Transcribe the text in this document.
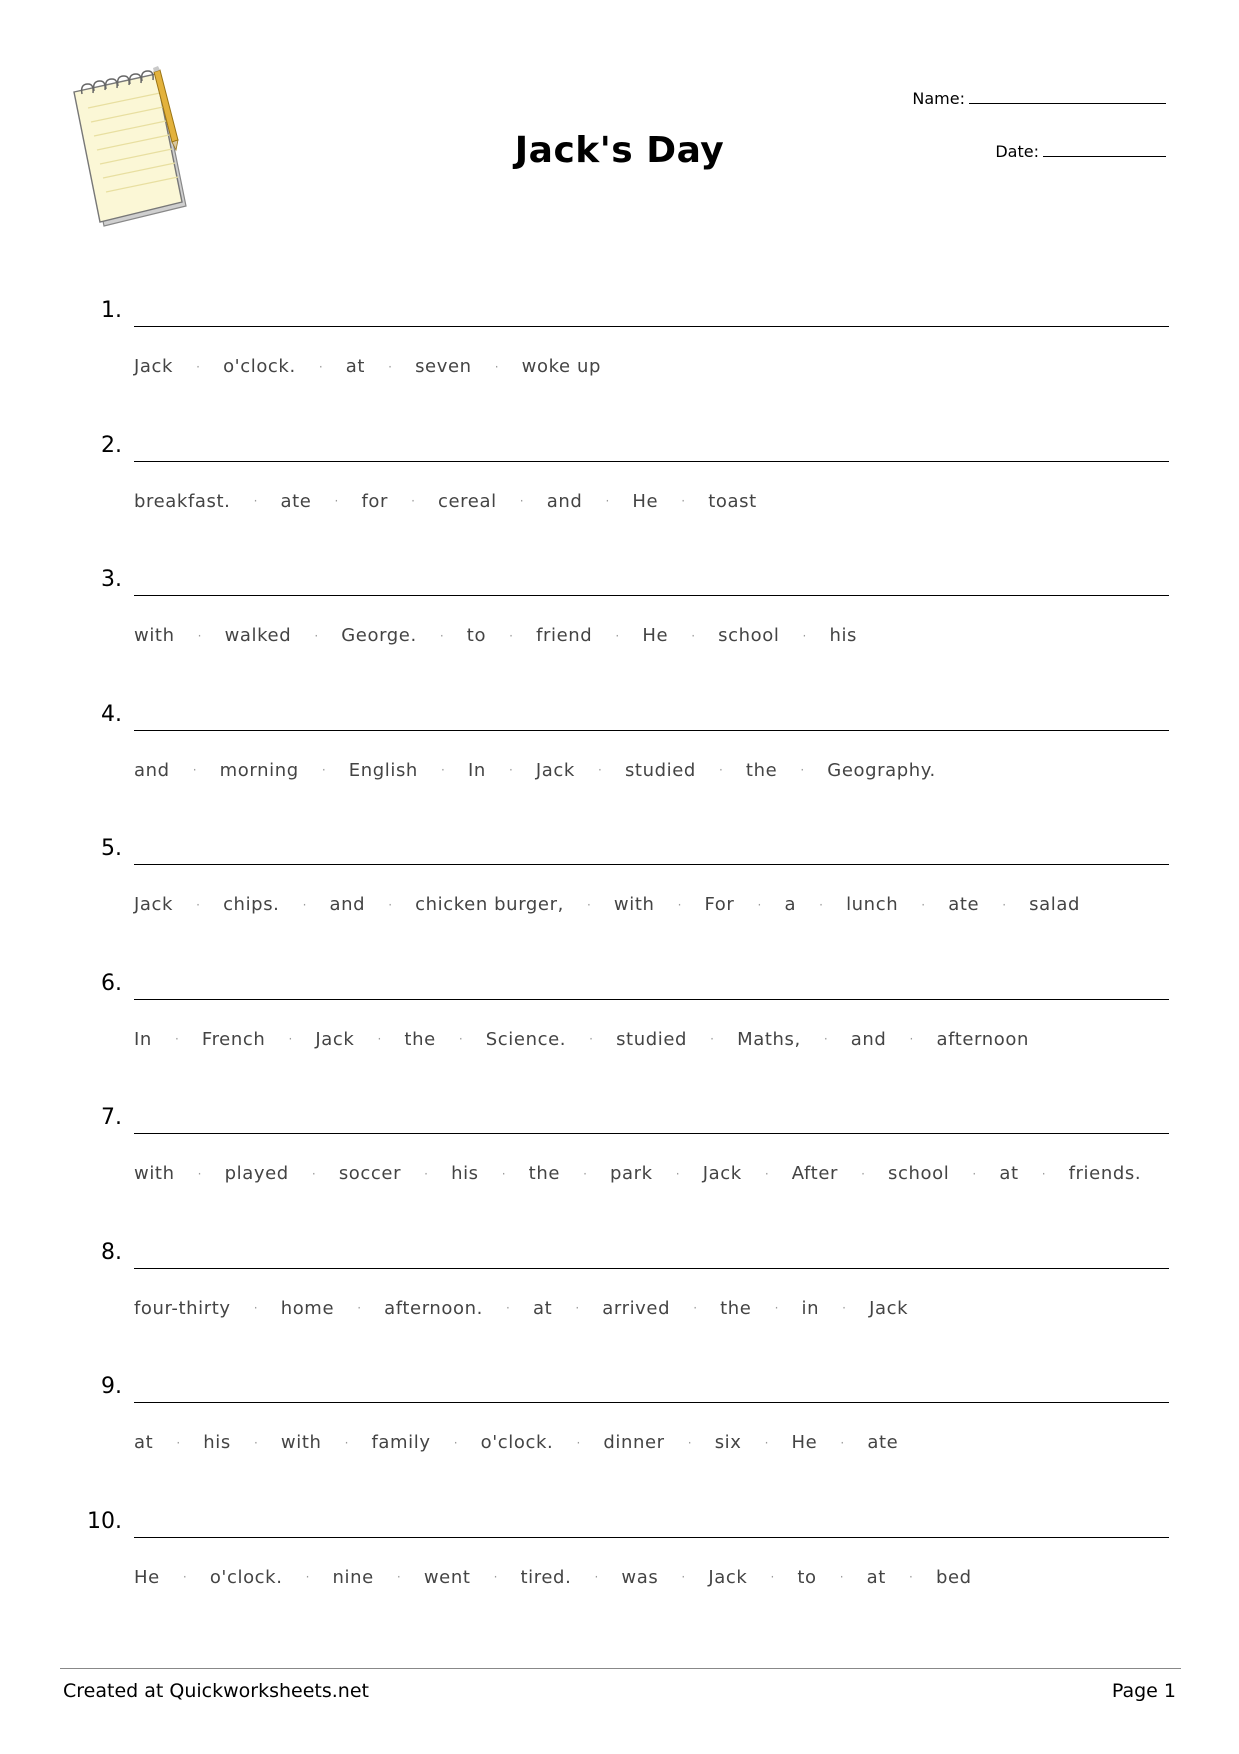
Jack's Day
Name:
Date:
1.
Jack	·	o'clock.	·	at	·	seven	·	woke up
2.
breakfast.	·	ate	·	for	·	cereal	·	and	·	He	·	toast
3.
with	·	walked	·	George.	·	to	·	friend	·	He	·	school	·	his
4.
and	·	morning	·	English	·	In	·	Jack	·	studied	·	the	·	Geography.
5.
Jack	·	chips.	·	and	·	chicken burger,	·	with	·	For	·	a	·	lunch	·	ate	·	salad
6.
In	·	French	·	Jack	·	the	·	Science.	·	studied	·	Maths,	·	and	·	afternoon
7.
with	·	played	·	soccer	·	his	·	the	·	park	·	Jack	·	After	·	school	·	at	·	friends.
8.
four-thirty	·	home	·	afternoon.	·	at	·	arrived	·	the	·	in	·	Jack
9.
at	·	his	·	with	·	family	·	o'clock.	·	dinner	·	six	·	He	·	ate
10.
He	·	o'clock.	·	nine	·	went	·	tired.	·	was	·	Jack	·	to	·	at	·	bed
Created at Quickworksheets.net	Page 1
